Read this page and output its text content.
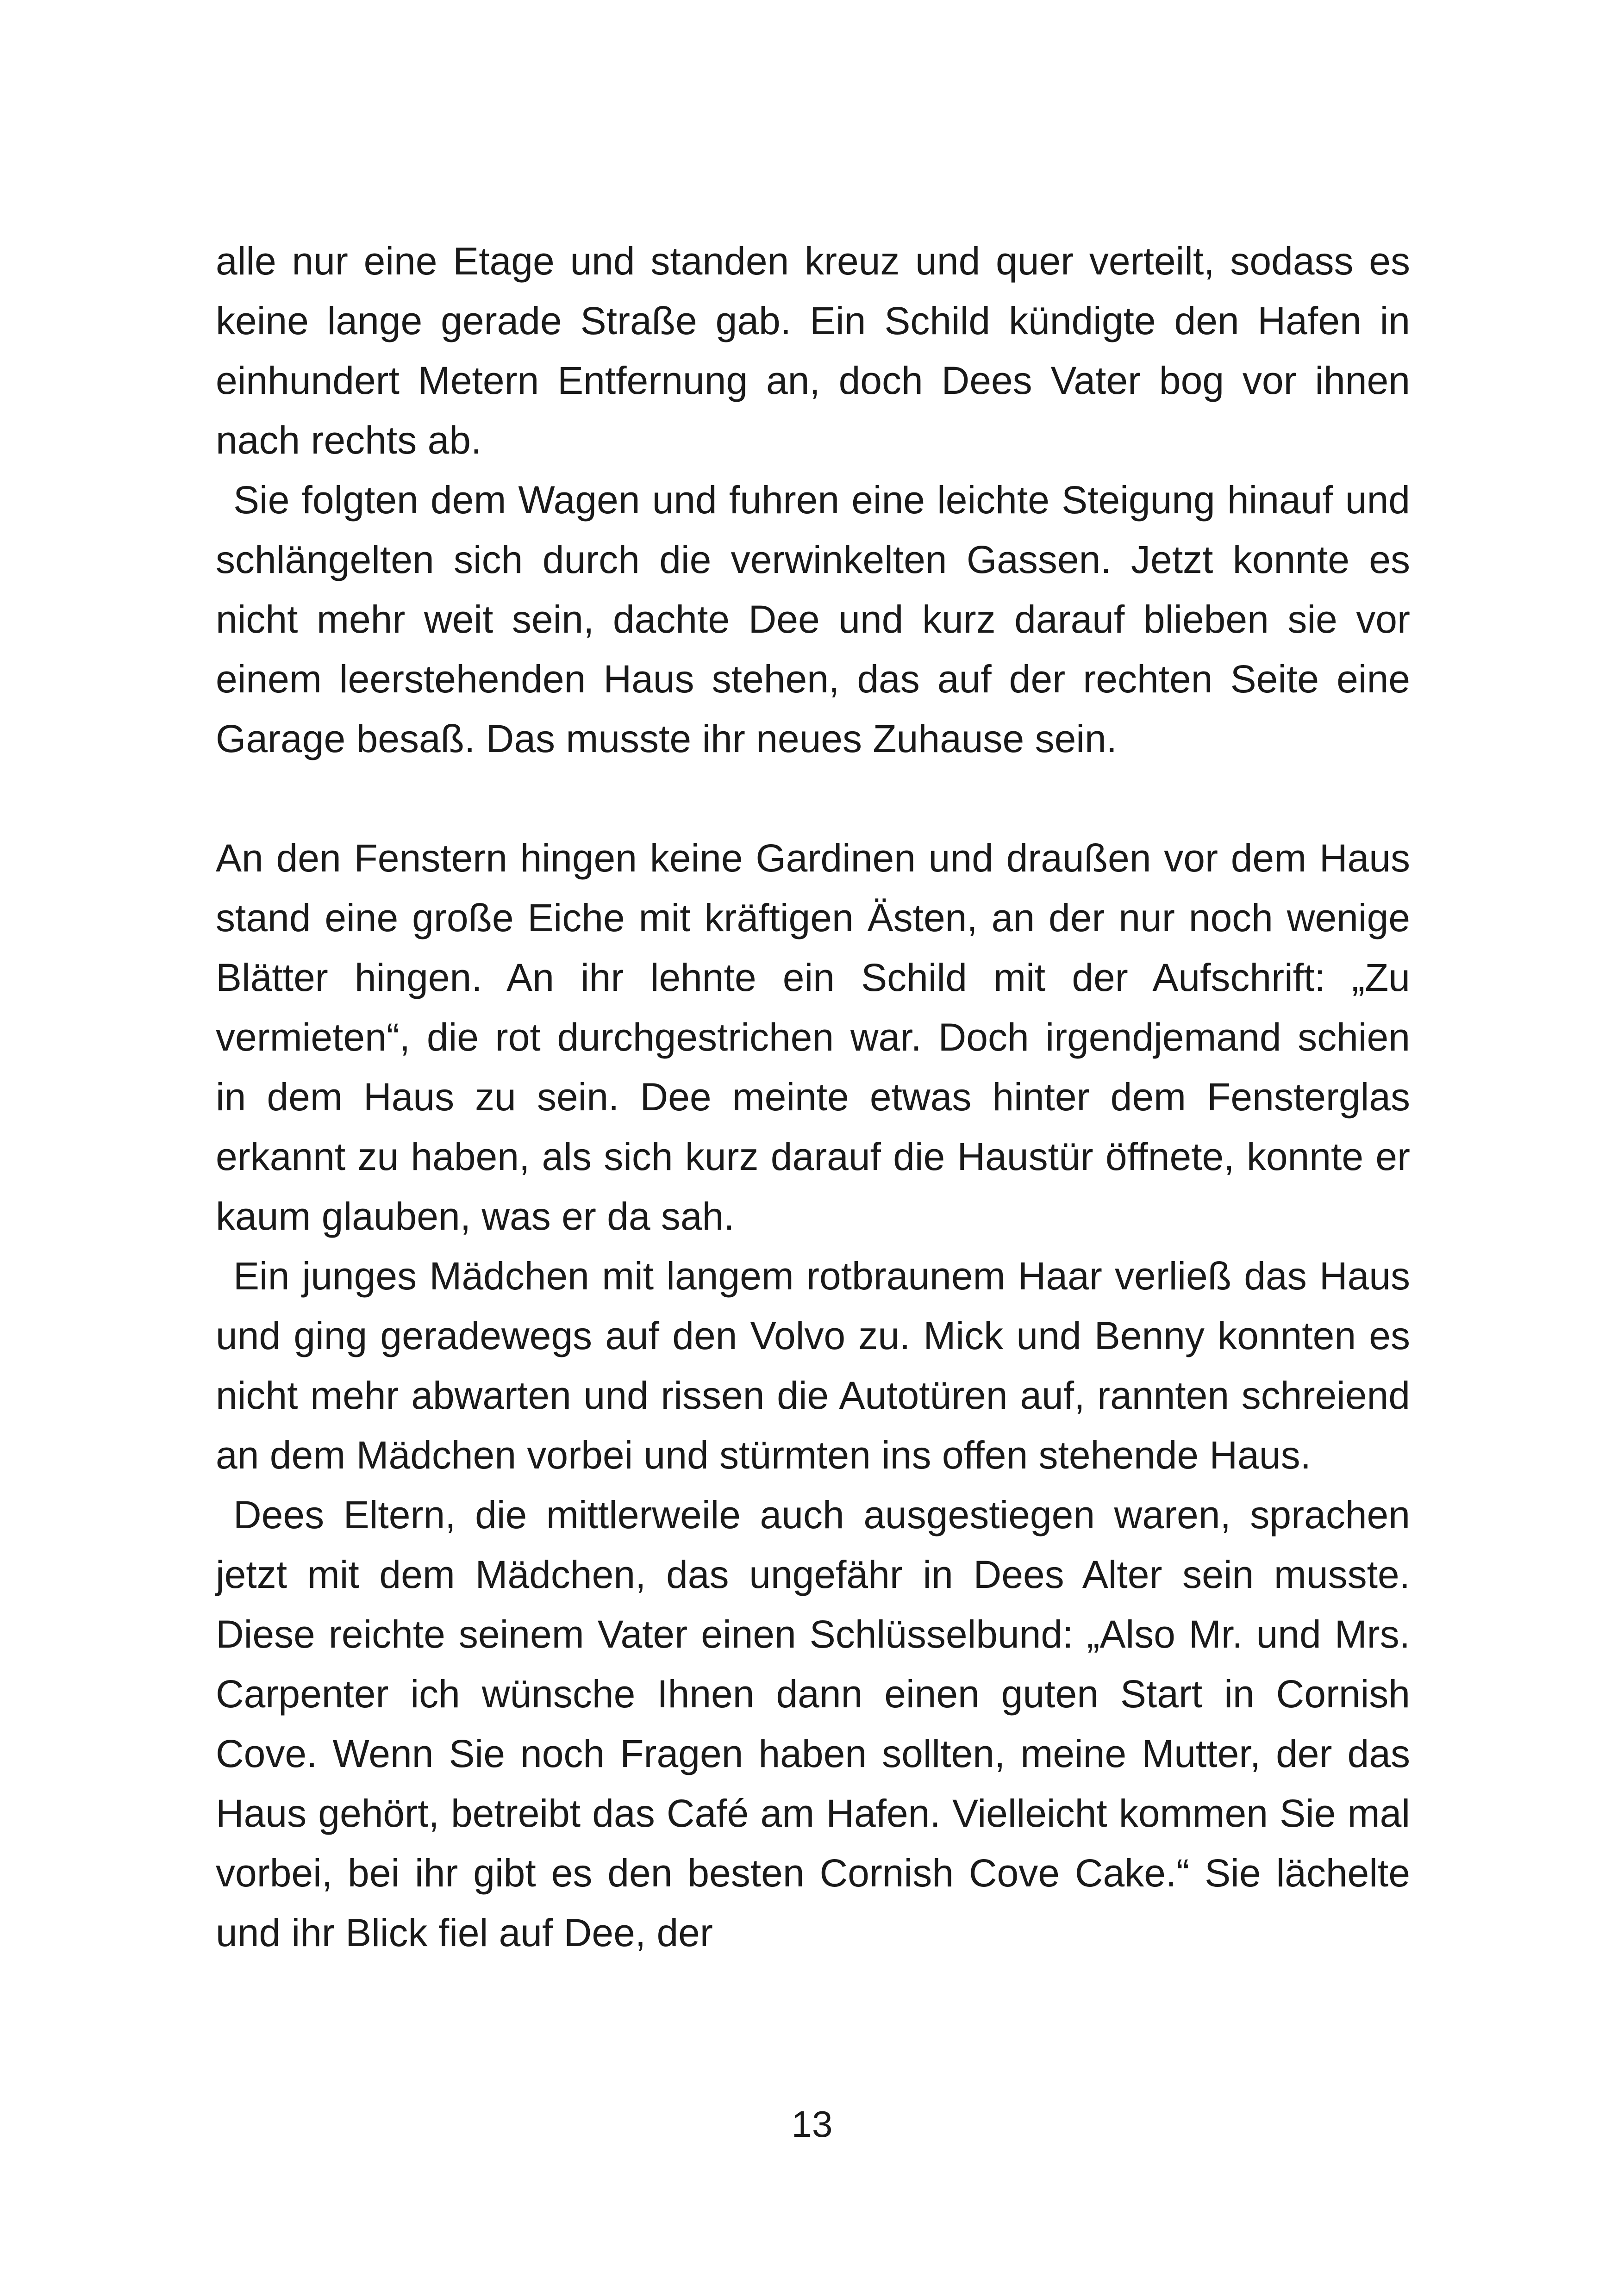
alle nur eine Etage und standen kreuz und quer verteilt, sodass es keine lange gerade Straße gab. Ein Schild kündigte den Hafen in einhundert Metern Entfernung an, doch Dees Vater bog vor ihnen nach rechts ab.

Sie folgten dem Wagen und fuhren eine leichte Steigung hinauf und schlängelten sich durch die verwinkelten Gassen. Jetzt konnte es nicht mehr weit sein, dachte Dee und kurz darauf blieben sie vor einem leerstehenden Haus stehen, das auf der rechten Seite eine Garage besaß. Das musste ihr neues Zuhause sein.

An den Fenstern hingen keine Gardinen und draußen vor dem Haus stand eine große Eiche mit kräftigen Ästen, an der nur noch wenige Blätter hingen. An ihr lehnte ein Schild mit der Aufschrift: „Zu vermieten“, die rot durchgestrichen war. Doch irgendjemand schien in dem Haus zu sein. Dee meinte etwas hinter dem Fensterglas erkannt zu haben, als sich kurz darauf die Haustür öffnete, konnte er kaum glauben, was er da sah.

Ein junges Mädchen mit langem rotbraunem Haar verließ das Haus und ging geradewegs auf den Volvo zu. Mick und Benny konnten es nicht mehr abwarten und rissen die Autotüren auf, rannten schreiend an dem Mädchen vorbei und stürmten ins offen stehende Haus.

Dees Eltern, die mittlerweile auch ausgestiegen waren, sprachen jetzt mit dem Mädchen, das ungefähr in Dees Alter sein musste. Diese reichte seinem Vater einen Schlüsselbund: „Also Mr. und Mrs. Carpenter ich wünsche Ihnen dann einen guten Start in Cornish Cove. Wenn Sie noch Fragen haben sollten, meine Mutter, der das Haus gehört, betreibt das Café am Hafen. Vielleicht kommen Sie mal vorbei, bei ihr gibt es den besten Cornish Cove Cake.“ Sie lächelte und ihr Blick fiel auf Dee, der

13
